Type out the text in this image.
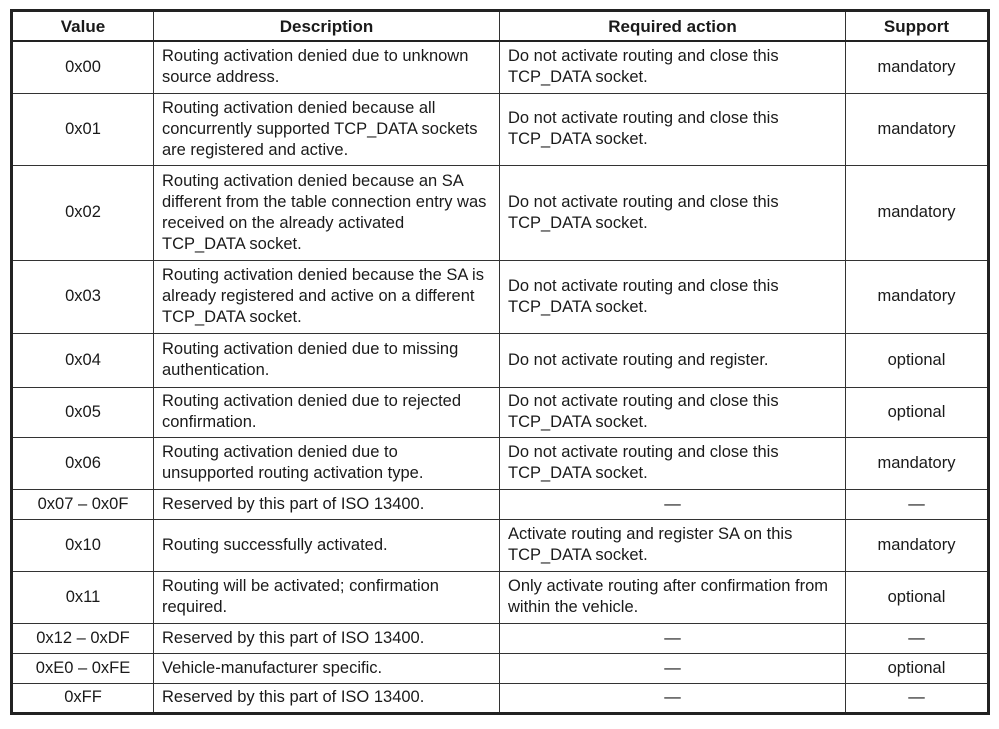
Value	Description	Required action	Support
0x00	Routing activation denied due to unknown source address.	Do not activate routing and close this TCP_DATA socket.	mandatory
0x01	Routing activation denied because all concurrently supported TCP_DATA sockets are registered and active.	Do not activate routing and close this TCP_DATA socket.	mandatory
0x02	Routing activation denied because an SA different from the table connection entry was received on the already activated TCP_DATA socket.	Do not activate routing and close this TCP_DATA socket.	mandatory
0x03	Routing activation denied because the SA is already registered and active on a different TCP_DATA socket.	Do not activate routing and close this TCP_DATA socket.	mandatory
0x04	Routing activation denied due to missing authentication.	Do not activate routing and register.	optional
0x05	Routing activation denied due to rejected confirmation.	Do not activate routing and close this TCP_DATA socket.	optional
0x06	Routing activation denied due to unsupported routing activation type.	Do not activate routing and close this TCP_DATA socket.	mandatory
0x07 – 0x0F	Reserved by this part of ISO 13400.	—	—
0x10	Routing successfully activated.	Activate routing and register SA on this TCP_DATA socket.	mandatory
0x11	Routing will be activated; confirmation required.	Only activate routing after confirmation from within the vehicle.	optional
0x12 – 0xDF	Reserved by this part of ISO 13400.	—	—
0xE0 – 0xFE	Vehicle-manufacturer specific.	—	optional
0xFF	Reserved by this part of ISO 13400.	—	—
